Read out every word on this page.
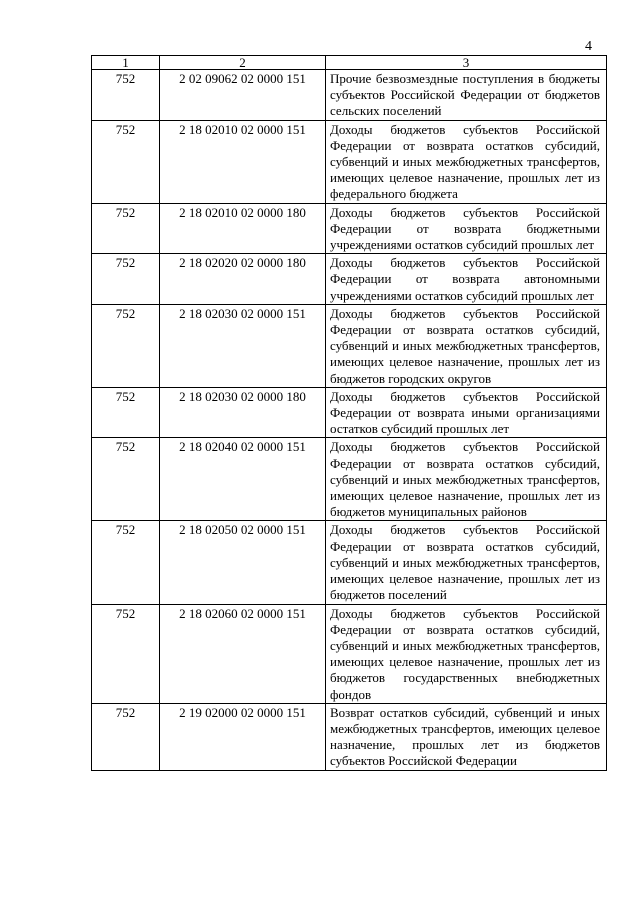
4
1	2	3
752	2 02 09062 02 0000 151	Прочие безвозмездные поступления в бюджеты субъектов Российской Федерации от бюджетов сельских поселений
752	2 18 02010 02 0000 151	Доходы бюджетов субъектов Российской Федерации от возврата остатков субсидий, субвенций и иных межбюджетных трансфертов, имеющих целевое назначение, прошлых лет из федерального бюджета
752	2 18 02010 02 0000 180	Доходы бюджетов субъектов Российской Федерации от возврата бюджетными учреждениями остатков субсидий прошлых лет
752	2 18 02020 02 0000 180	Доходы бюджетов субъектов Российской Федерации от возврата автономными учреждениями остатков субсидий прошлых лет
752	2 18 02030 02 0000 151	Доходы бюджетов субъектов Российской Федерации от возврата остатков субсидий, субвенций и иных межбюджетных трансфертов, имеющих целевое назначение, прошлых лет из бюджетов городских округов
752	2 18 02030 02 0000 180	Доходы бюджетов субъектов Российской Федерации от возврата иными организациями остатков субсидий прошлых лет
752	2 18 02040 02 0000 151	Доходы бюджетов субъектов Российской Федерации от возврата остатков субсидий, субвенций и иных межбюджетных трансфертов, имеющих целевое назначение, прошлых лет из бюджетов муниципальных районов
752	2 18 02050 02 0000 151	Доходы бюджетов субъектов Российской Федерации от возврата остатков субсидий, субвенций и иных межбюджетных трансфертов, имеющих целевое назначение, прошлых лет из бюджетов поселений
752	2 18 02060 02 0000 151	Доходы бюджетов субъектов Российской Федерации от возврата остатков субсидий, субвенций и иных межбюджетных трансфертов, имеющих целевое назначение, прошлых лет из бюджетов государственных внебюджетных фондов
752	2 19 02000 02 0000 151	Возврат остатков субсидий, субвенций и иных межбюджетных трансфертов, имеющих целевое назначение, прошлых лет из бюджетов субъектов Российской Федерации
